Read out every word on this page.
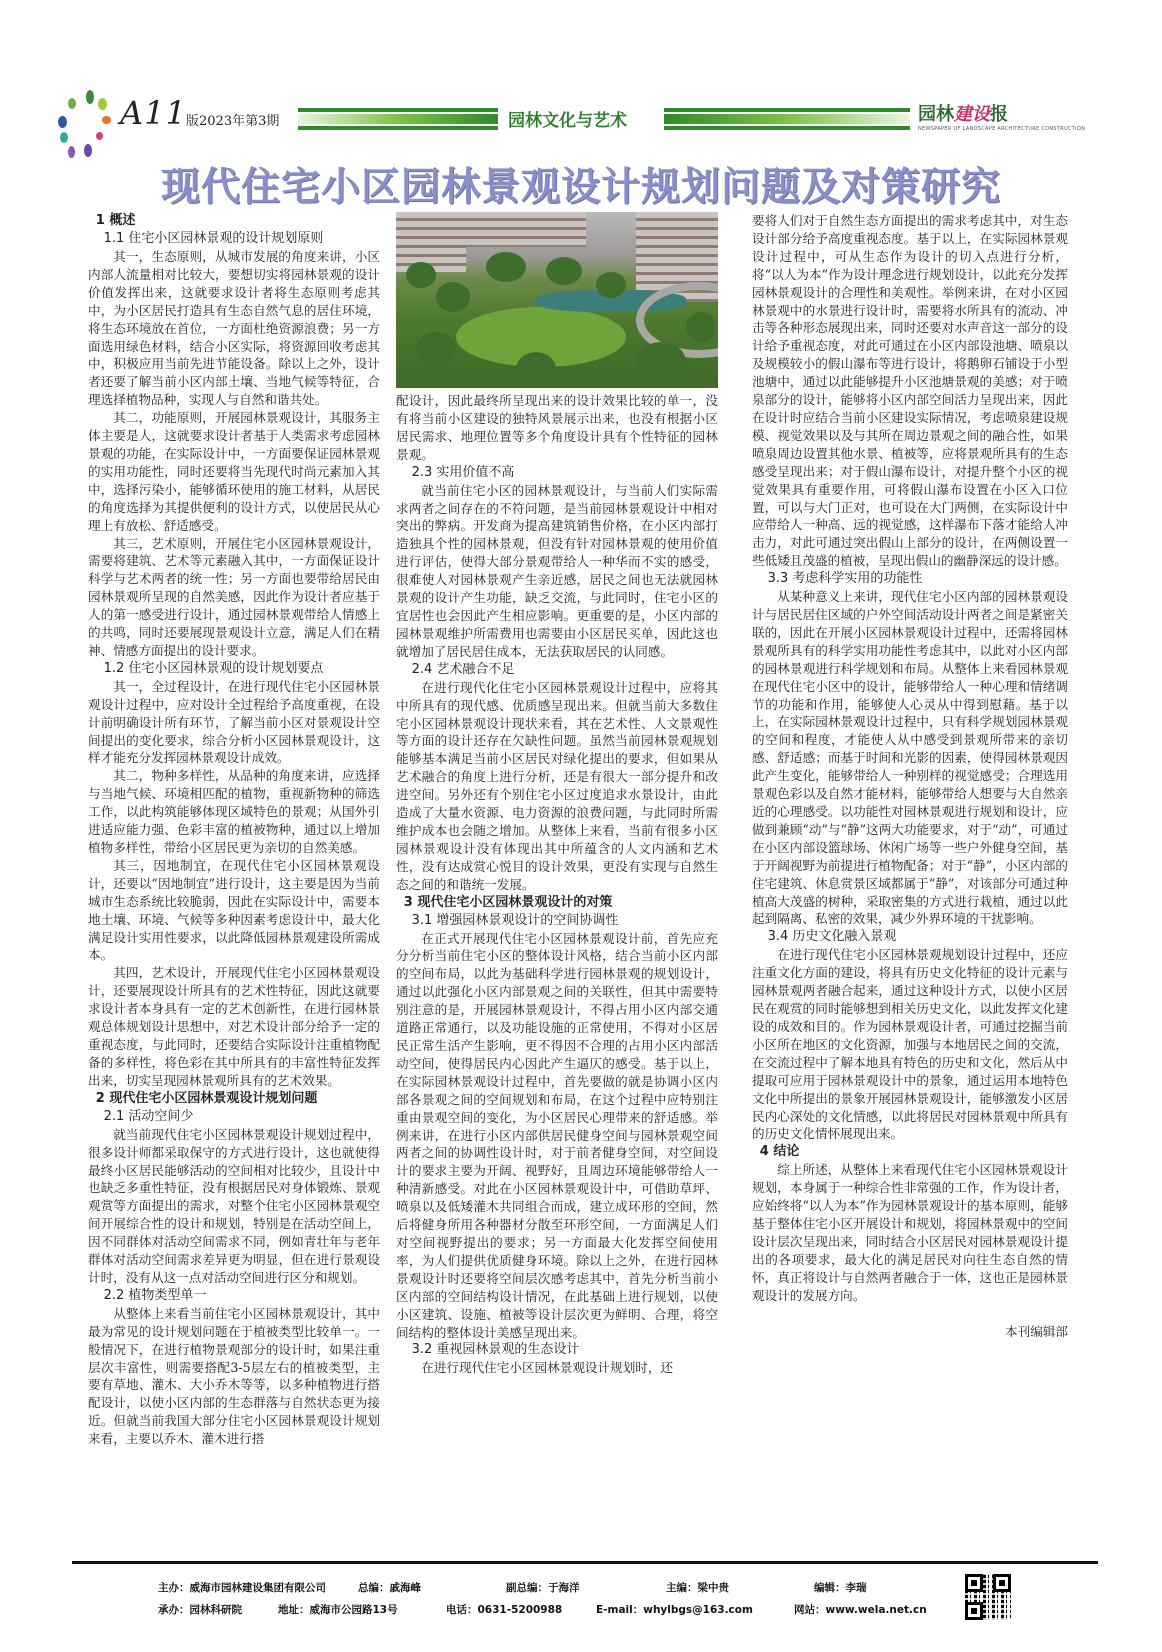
A11 版2023年第3期	园林文化与艺术	园林建设报
NEWSPAPER OF LANDSCAPE ARCHITECTURE CONSTRUCTION
现代住宅小区园林景观设计规划问题及对策研究
1 概述
1.1 住宅小区园林景观的设计规划原则

其一，生态原则，从城市发展的角度来讲，小区内部人流量相对比较大，要想切实将园林景观的设计价值发挥出来，这就要求设计者将生态原则考虑其中，为小区居民打造具有生态自然气息的居住环境，将生态环境放在首位，一方面杜绝资源浪费；另一方面选用绿色材料，结合小区实际，将资源回收考虑其中，积极应用当前先进节能设备。除以上之外，设计者还要了解当前小区内部土壤、当地气候等特征，合理选择植物品种，实现人与自然和谐共处。

其二，功能原则，开展园林景观设计，其服务主体主要是人，这就要求设计者基于人类需求考虑园林景观的功能，在实际设计中，一方面要保证园林景观的实用功能性，同时还要将当先现代时尚元素加入其中，选择污染小，能够循环使用的施工材料，从居民的角度选择为其提供便利的设计方式，以使居民从心理上有放松、舒适感受。

其三，艺术原则，开展住宅小区园林景观设计，需要将建筑、艺术等元素融入其中，一方面保证设计科学与艺术两者的统一性；另一方面也要带给居民由园林景观所呈现的自然美感，因此作为设计者应基于人的第一感受进行设计，通过园林景观带给人情感上的共鸣，同时还要展现景观设计立意，满足人们在精神、情感方面提出的设计要求。

1.2 住宅小区园林景观的设计规划要点

其一，全过程设计，在进行现代住宅小区园林景观设计过程中，应对设计全过程给予高度重视，在设计前明确设计所有环节，了解当前小区对景观设计空间提出的变化要求，综合分析小区园林景观设计，这样才能充分发挥园林景观设计成效。

其二，物种多样性，从品种的角度来讲，应选择与当地气候、环境相匹配的植物，重视新物种的筛选工作，以此构筑能够体现区域特色的景观；从国外引进适应能力强、色彩丰富的植被物种，通过以上增加植物多样性，带给小区居民更为亲切的自然美感。

其三，因地制宜，在现代住宅小区园林景观设计，还要以“因地制宜”进行设计，这主要是因为当前城市生态系统比较脆弱，因此在实际设计中，需要本地土壤、环境、气候等多种因素考虑设计中，最大化满足设计实用性要求，以此降低园林景观建设所需成本。

其四，艺术设计，开展现代住宅小区园林景观设计，还要展现设计所具有的艺术性特征，因此这就要求设计者本身具有一定的艺术创新性，在进行园林景观总体规划设计思想中，对艺术设计部分给予一定的重视态度，与此同时，还要结合实际设计注重植物配备的多样性，将色彩在其中所具有的丰富性特征发挥出来，切实呈现园林景观所具有的艺术效果。

2 现代住宅小区园林景观设计规划问题
2.1 活动空间少

就当前现代住宅小区园林景观设计规划过程中，很多设计师都采取保守的方式进行设计，这也就使得最终小区居民能够活动的空间相对比较少，且设计中也缺乏多重性特征，没有根据居民对身体锻炼、景观观赏等方面提出的需求，对整个住宅小区园林景观空间开展综合性的设计和规划，特别是在活动空间上，因不同群体对活动空间需求不同，例如青壮年与老年群体对活动空间需求差异更为明显，但在进行景观设计时，没有从这一点对活动空间进行区分和规划。

2.2 植物类型单一

从整体上来看当前住宅小区园林景观设计，其中最为常见的设计规划问题在于植被类型比较单一。一般情况下，在进行植物景观部分的设计时，如果注重层次丰富性，则需要搭配3-5层左右的植被类型，主要有草地、灌木、大小乔木等等，以多种植物进行搭配设计，以使小区内部的生态群落与自然状态更为接近。但就当前我国大部分住宅小区园林景观设计规划来看，主要以乔木、灌木进行搭

配设计，因此最终所呈现出来的设计效果比较的单一，没有将当前小区建设的独特风景展示出来，也没有根据小区居民需求、地理位置等多个角度设计具有个性特征的园林景观。

2.3 实用价值不高

就当前住宅小区的园林景观设计，与当前人们实际需求两者之间存在的不符问题，是当前园林景观设计中相对突出的弊病。开发商为提高建筑销售价格，在小区内部打造独具个性的园林景观，但没有针对园林景观的使用价值进行评估，使得大部分景观带给人一种华而不实的感受，很难使人对园林景观产生亲近感，居民之间也无法就园林景观的设计产生功能，缺乏交流，与此同时，住宅小区的宜居性也会因此产生相应影响。更重要的是，小区内部的园林景观维护所需费用也需要由小区居民买单，因此这也就增加了居民居住成本，无法获取居民的认同感。

2.4 艺术融合不足

在进行现代化住宅小区园林景观设计过程中，应将其中所具有的现代感、优质感呈现出来。但就当前大多数住宅小区园林景观设计现状来看，其在艺术性、人文景观性等方面的设计还存在欠缺性问题。虽然当前园林景观规划能够基本满足当前小区居民对绿化提出的要求，但如果从艺术融合的角度上进行分析，还是有很大一部分提升和改进空间。另外还有个别住宅小区过度追求水景设计，由此造成了大量水资源、电力资源的浪费问题，与此同时所需维护成本也会随之增加。从整体上来看，当前有很多小区园林景观设计没有体现出其中所蕴含的人文内涵和艺术性，没有达成赏心悦目的设计效果，更没有实现与自然生态之间的和谐统一发展。

3 现代住宅小区园林景观设计的对策
3.1 增强园林景观设计的空间协调性

在正式开展现代住宅小区园林景观设计前，首先应充分分析当前住宅小区的整体设计风格，结合当前小区内部的空间布局，以此为基础科学进行园林景观的规划设计，通过以此强化小区内部景观之间的关联性，但其中需要特别注意的是，开展园林景观设计，不得占用小区内部交通道路正常通行，以及功能设施的正常使用，不得对小区居民正常生活产生影响，更不得因不合理的占用小区内部活动空间，使得居民内心因此产生逼仄的感受。基于以上，在实际园林景观设计过程中，首先要做的就是协调小区内部各景观之间的空间规划和布局，在这个过程中应特别注重由景观空间的变化，为小区居民心理带来的舒适感。举例来讲，在进行小区内部供居民健身空间与园林景观空间两者之间的协调性设计时，对于前者健身空间，对空间设计的要求主要为开阔、视野好，且周边环境能够带给人一种清新感受。对此在小区园林景观设计中，可借助草坪、喷泉以及低矮灌木共同组合而成，建立成环形的空间，然后将健身所用各种器材分散至环形空间，一方面满足人们对空间视野提出的要求；另一方面最大化发挥空间使用率，为人们提供优质健身环境。除以上之外，在进行园林景观设计时还要将空间层次感考虑其中，首先分析当前小区内部的空间结构设计情况，在此基础上进行规划，以使小区建筑、设施、植被等设计层次更为鲜明、合理，将空间结构的整体设计美感呈现出来。

3.2 重视园林景观的生态设计

在进行现代住宅小区园林景观设计规划时，还

要将人们对于自然生态方面提出的需求考虑其中，对生态设计部分给予高度重视态度。基于以上，在实际园林景观设计过程中，可从生态作为设计的切入点进行分析，将“以人为本”作为设计理念进行规划设计，以此充分发挥园林景观设计的合理性和美观性。举例来讲，在对小区园林景观中的水景进行设计时，需要将水所具有的流动、冲击等各种形态展现出来，同时还要对水声音这一部分的设计给予重视态度，对此可通过在小区内部设池塘、喷泉以及规模较小的假山瀑布等进行设计，将鹅卵石铺设于小型池塘中，通过以此能够提升小区池塘景观的美感；对于喷泉部分的设计，能够将小区内部空间活力呈现出来，因此在设计时应结合当前小区建设实际情况，考虑喷泉建设规模、视觉效果以及与其所在周边景观之间的融合性，如果喷泉周边设置其他水景、植被等，应将景观所具有的生态感受呈现出来；对于假山瀑布设计，对提升整个小区的视觉效果具有重要作用，可将假山瀑布设置在小区入口位置，可以与大门正对，也可设在大门两侧，在实际设计中应带给人一种高、远的视觉感，这样瀑布下落才能给人冲击力，对此可通过突出假山上部分的设计，在两侧设置一些低矮且茂盛的植被，呈现出假山的幽静深远的设计感。

3.3 考虑科学实用的功能性

从某种意义上来讲，现代住宅小区内部的园林景观设计与居民居住区域的户外空间活动设计两者之间是紧密关联的，因此在开展小区园林景观设计过程中，还需将园林景观所具有的科学实用功能性考虑其中，以此对小区内部的园林景观进行科学规划和布局。从整体上来看园林景观在现代住宅小区中的设计，能够带给人一种心理和情绪调节的功能和作用，能够使人心灵从中得到慰藉。基于以上，在实际园林景观设计过程中，只有科学规划园林景观的空间和程度，才能使人从中感受到景观所带来的亲切感、舒适感；而基于时间和光影的因素，使得园林景观因此产生变化，能够带给人一种别样的视觉感受；合理选用景观色彩以及自然才能材料，能够带给人想要与大自然亲近的心理感受。以功能性对园林景观进行规划和设计，应做到兼顾“动”与“静”这两大功能要求，对于“动”，可通过在小区内部设篮球场、休闲广场等一些户外健身空间，基于开阔视野为前提进行植物配备；对于“静”，小区内部的住宅建筑、休息赏景区域都属于“静”，对该部分可通过种植高大茂盛的树种，采取密集的方式进行栽植，通过以此起到隔离、私密的效果，减少外界环境的干扰影响。

3.4 历史文化融入景观

在进行现代住宅小区园林景观规划设计过程中，还应注重文化方面的建设，将具有历史文化特征的设计元素与园林景观两者融合起来，通过这种设计方式，以使小区居民在观赏的同时能够想到相关历史文化，以此发挥文化建设的成效和目的。作为园林景观设计者，可通过挖掘当前小区所在地区的文化资源，加强与本地居民之间的交流，在交流过程中了解本地具有特色的历史和文化，然后从中提取可应用于园林景观设计中的景象，通过运用本地特色文化中所提出的景象开展园林景观设计，能够激发小区居民内心深处的文化情感，以此将居民对园林景观中所具有的历史文化情怀展现出来。

4 结论

综上所述，从整体上来看现代住宅小区园林景观设计规划，本身属于一种综合性非常强的工作，作为设计者，应始终将“以人为本”作为园林景观设计的基本原则，能够基于整体住宅小区开展设计和规划，将园林景观中的空间设计层次呈现出来，同时结合小区居民对园林景观设计提出的各项要求，最大化的满足居民对向往生态自然的情怀，真正将设计与自然两者融合于一体，这也正是园林景观设计的发展方向。

本刊编辑部

主办：威海市园林建设集团有限公司	总编：戚海峰	副总编：于海洋	主编：梁中贵	编辑：李瑞
承办：园林科研院	地址：威海市公园路13号	电话：0631-5200988	E-mail：whylbgs@163.com	网站：www.wela.net.cn
